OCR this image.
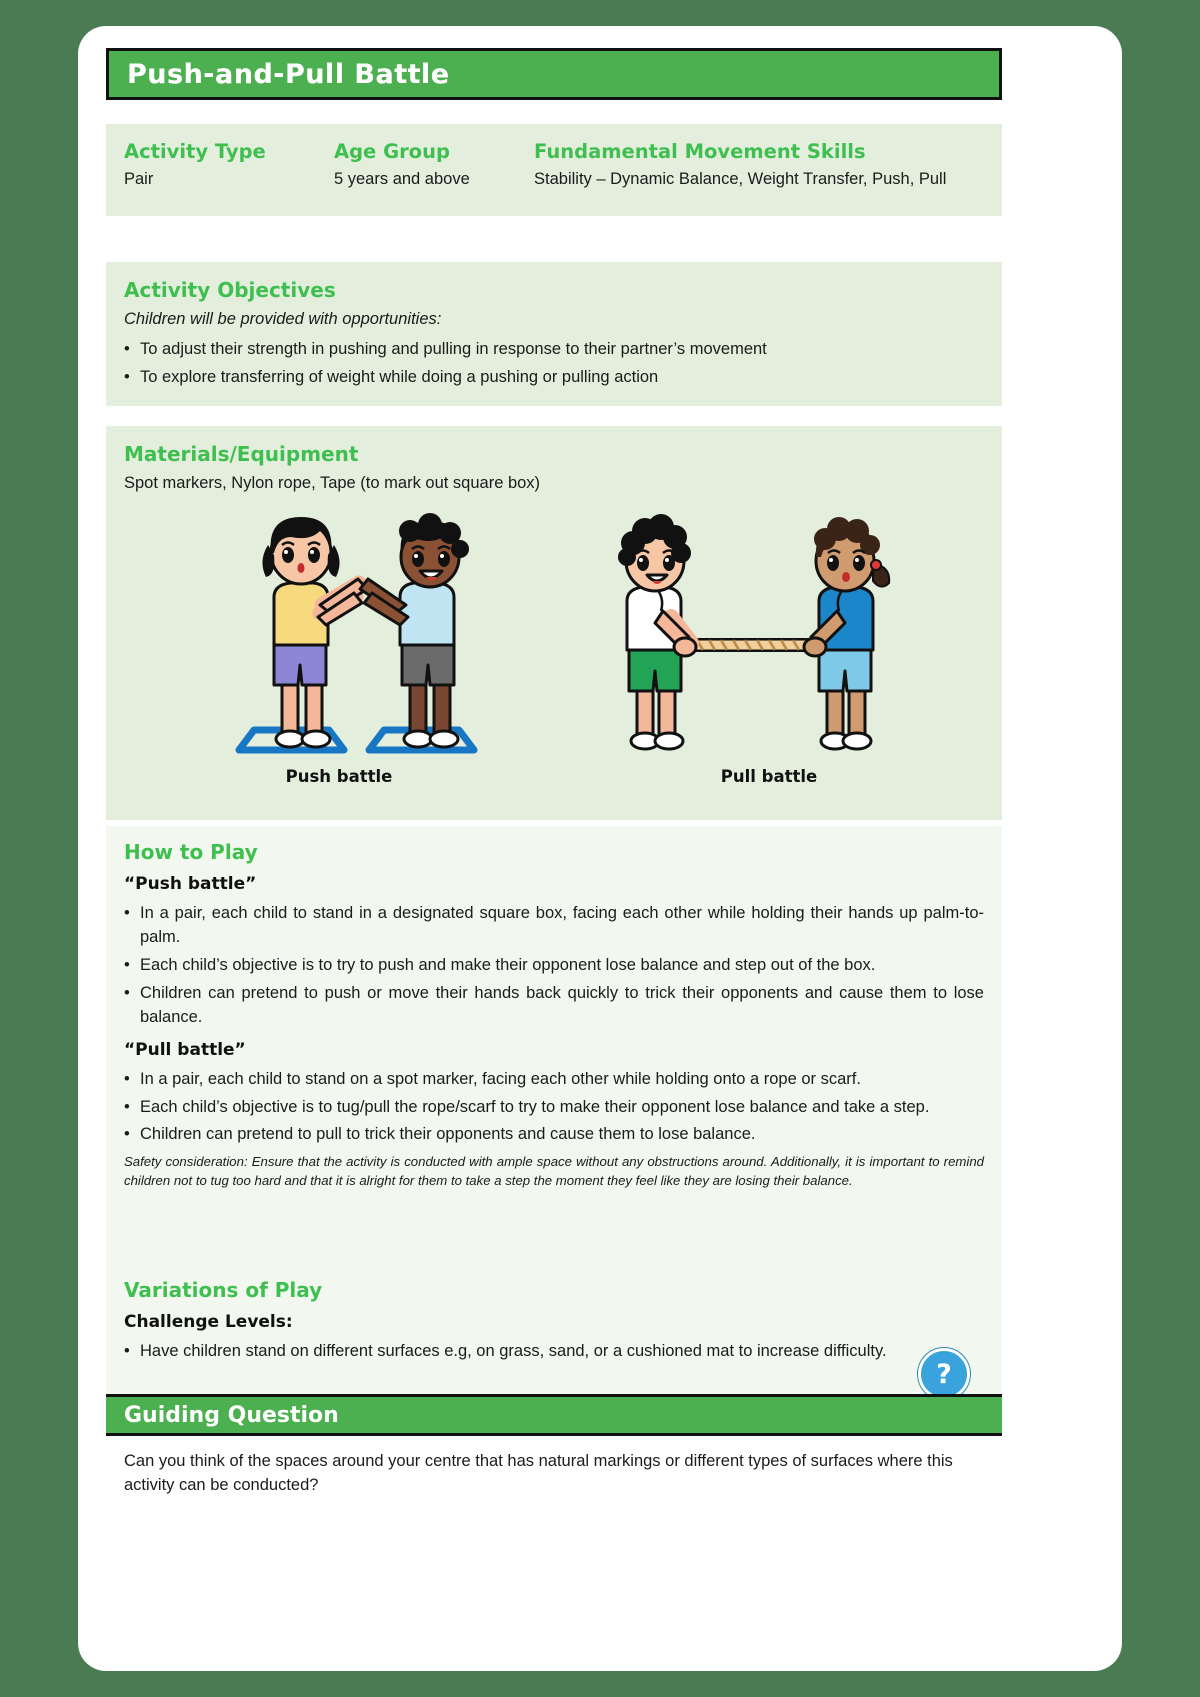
Push-and-Pull Battle
Activity Type
Pair
Age Group
5 years and above
Fundamental Movement Skills
Stability – Dynamic Balance, Weight Transfer, Push, Pull
Activity Objectives
Children will be provided with opportunities:
• To adjust their strength in pushing and pulling in response to their partner’s movement
• To explore transferring of weight while doing a pushing or pulling action
Materials/Equipment
Spot markers, Nylon rope, Tape (to mark out square box)
Push battle	Pull battle
How to Play
“Push battle”
• In a pair, each child to stand in a designated square box, facing each other while holding their hands up palm-to-palm.
• Each child’s objective is to try to push and make their opponent lose balance and step out of the box.
• Children can pretend to push or move their hands back quickly to trick their opponents and cause them to lose balance.
“Pull battle”
• In a pair, each child to stand on a spot marker, facing each other while holding onto a rope or scarf.
• Each child’s objective is to tug/pull the rope/scarf to try to make their opponent lose balance and take a step.
• Children can pretend to pull to trick their opponents and cause them to lose balance.
Safety consideration: Ensure that the activity is conducted with ample space without any obstructions around. Additionally, it is important to remind children not to tug too hard and that it is alright for them to take a step the moment they feel like they are losing their balance.
Variations of Play
Challenge Levels:
• Have children stand on different surfaces e.g, on grass, sand, or a cushioned mat to increase difficulty.
?
Guiding Question
Can you think of the spaces around your centre that has natural markings or different types of surfaces where this activity can be conducted?
